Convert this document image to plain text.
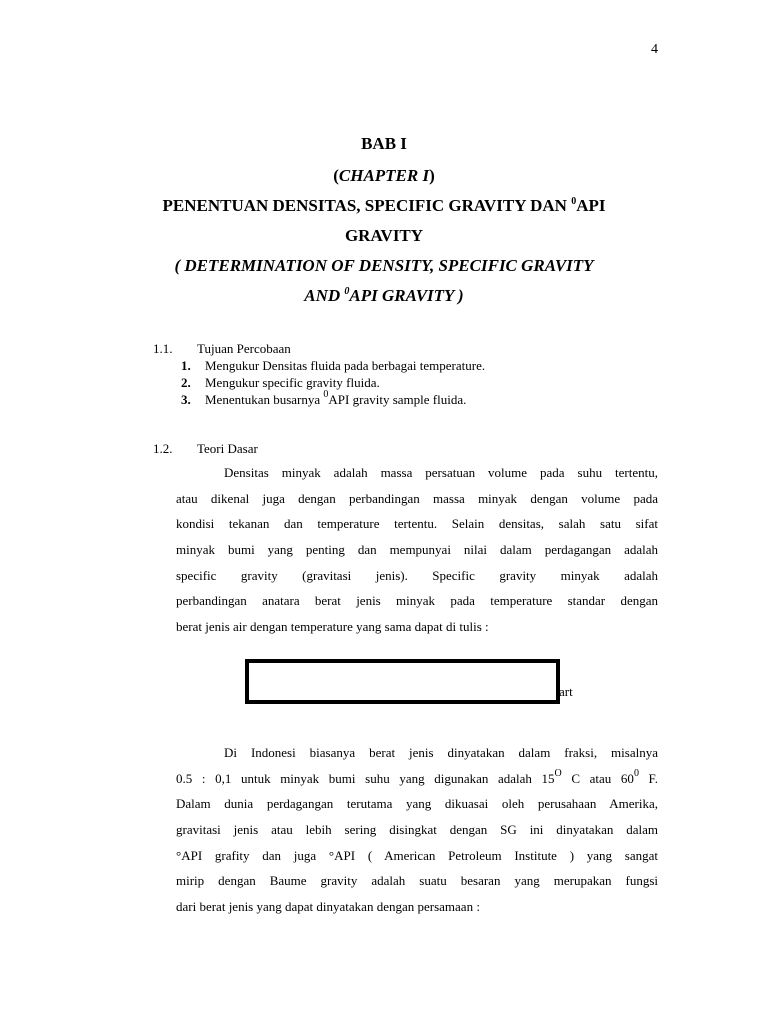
4
BAB I
(CHAPTER I)
PENENTUAN DENSITAS, SPECIFIC GRAVITY DAN $^0$API
GRAVITY
( DETERMINATION OF DENSITY, SPECIFIC GRAVITY
AND $^0$API GRAVITY )
1.1. Tujuan Percobaan
1.	Mengukur Densitas fluida pada berbagai temperature.
2.	Mengukur specific gravity fluida.
3.	Menentukan busarnya $^0$API gravity sample fluida.
1.2. Teori Dasar
Densitas minyak adalah massa persatuan volume pada suhu tertentu,
atau dikenal juga dengan perbandingan massa minyak dengan volume pada
kondisi tekanan dan temperature tertentu. Selain densitas, salah satu sifat
minyak bumi yang penting dan mempunyai nilai dalam perdagangan adalah
specific gravity (gravitasi jenis). Specific gravity minyak adalah
perbandingan anatara berat jenis minyak pada temperature standar dengan
berat jenis air dengan temperature yang sama dapat di tulis :
art
Di Indonesi biasanya berat jenis dinyatakan dalam fraksi, misalnya
0.5 : 0,1 untuk minyak bumi suhu yang digunakan adalah $15^O$ C atau $60^0$ F.
Dalam dunia perdagangan terutama yang dikuasai oleh perusahaan Amerika,
gravitasi jenis atau lebih sering disingkat dengan SG ini dinyatakan dalam
°API grafity dan juga °API ( American Petroleum Institute ) yang sangat
mirip dengan Baume gravity adalah suatu besaran yang merupakan fungsi
dari berat jenis yang dapat dinyatakan dengan persamaan :
